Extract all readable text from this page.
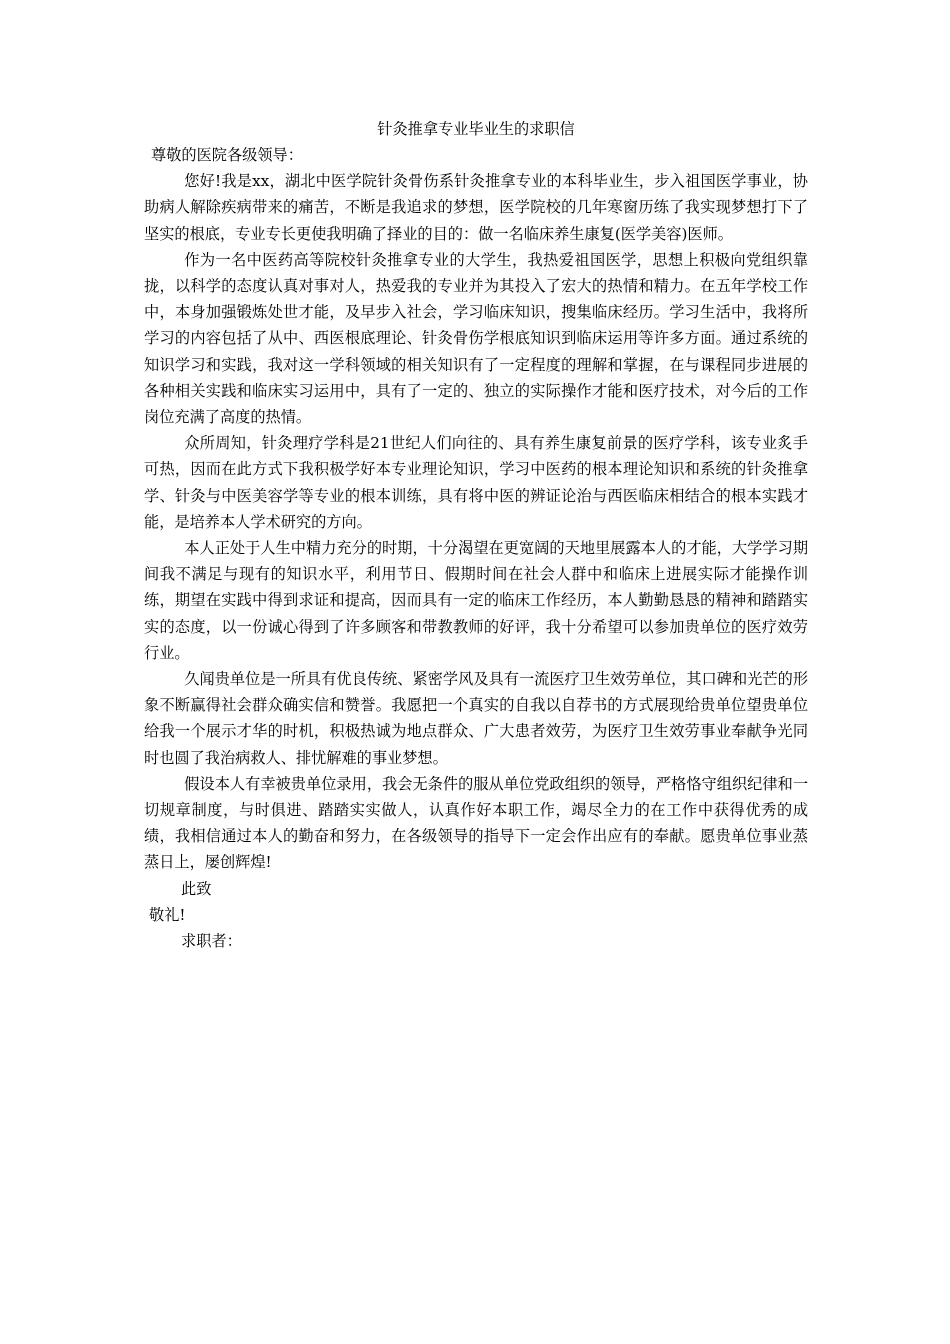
针灸推拿专业毕业生的求职信

尊敬的医院各级领导：

您好!我是xx，湖北中医学院针灸骨伤系针灸推拿专业的本科毕业生，步入祖国医学事业，协助病人解除疾病带来的痛苦，不断是我追求的梦想，医学院校的几年寒窗历练了我实现梦想打下了坚实的根底，专业专长更使我明确了择业的目的：做一名临床养生康复(医学美容)医师。

作为一名中医药高等院校针灸推拿专业的大学生，我热爱祖国医学，思想上积极向党组织靠拢，以科学的态度认真对事对人，热爱我的专业并为其投入了宏大的热情和精力。在五年学校工作中，本身加强锻炼处世才能，及早步入社会，学习临床知识，搜集临床经历。学习生活中，我将所学习的内容包括了从中、西医根底理论、针灸骨伤学根底知识到临床运用等许多方面。通过系统的知识学习和实践，我对这一学科领域的相关知识有了一定程度的理解和掌握，在与课程同步进展的各种相关实践和临床实习运用中，具有了一定的、独立的实际操作才能和医疗技术，对今后的工作岗位充满了高度的热情。

众所周知，针灸理疗学科是21世纪人们向往的、具有养生康复前景的医疗学科，该专业炙手可热，因而在此方式下我积极学好本专业理论知识，学习中医药的根本理论知识和系统的针灸推拿学、针灸与中医美容学等专业的根本训练，具有将中医的辨证论治与西医临床相结合的根本实践才能，是培养本人学术研究的方向。

本人正处于人生中精力充分的时期，十分渴望在更宽阔的天地里展露本人的才能，大学学习期间我不满足与现有的知识水平，利用节日、假期时间在社会人群中和临床上进展实际才能操作训练，期望在实践中得到求证和提高，因而具有一定的临床工作经历，本人勤勤恳恳的精神和踏踏实实的态度，以一份诚心得到了许多顾客和带教教师的好评，我十分希望可以参加贵单位的医疗效劳行业。

久闻贵单位是一所具有优良传统、紧密学风及具有一流医疗卫生效劳单位，其口碑和光芒的形象不断赢得社会群众确实信和赞誉。我愿把一个真实的自我以自荐书的方式展现给贵单位望贵单位给我一个展示才华的时机，积极热诚为地点群众、广大患者效劳，为医疗卫生效劳事业奉献争光同时也圆了我治病救人、排忧解难的事业梦想。

假设本人有幸被贵单位录用，我会无条件的服从单位党政组织的领导，严格恪守组织纪律和一切规章制度，与时俱进、踏踏实实做人，认真作好本职工作，竭尽全力的在工作中获得优秀的成绩，我相信通过本人的勤奋和努力，在各级领导的指导下一定会作出应有的奉献。愿贵单位事业蒸蒸日上，屡创辉煌!

此致

敬礼!

求职者：
